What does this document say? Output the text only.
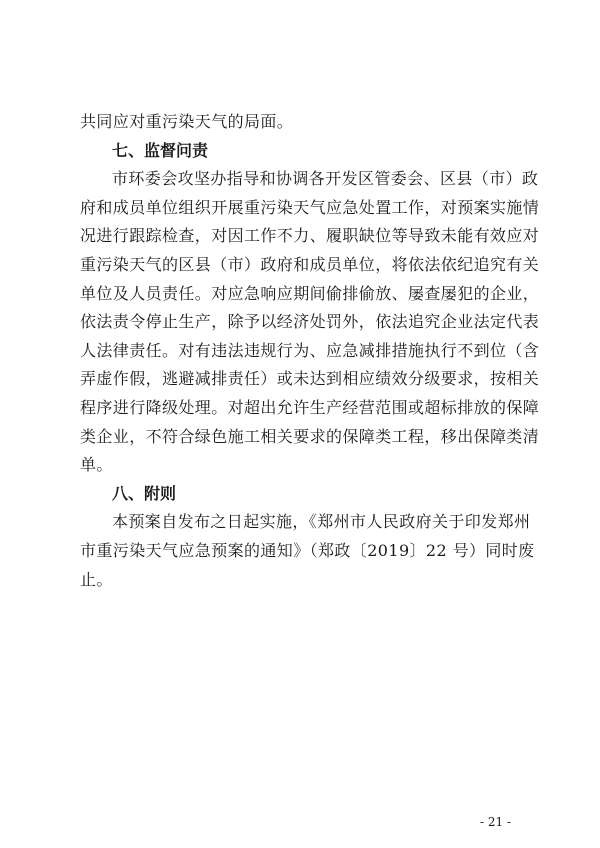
共同应对重污染天气的局面。
七、监督问责
市环委会攻坚办指导和协调各开发区管委会、区县（市）政
府和成员单位组织开展重污染天气应急处置工作，对预案实施情
况进行跟踪检查，对因工作不力、履职缺位等导致未能有效应对
重污染天气的区县（市）政府和成员单位，将依法依纪追究有关
单位及人员责任。对应急响应期间偷排偷放、屡查屡犯的企业，
依法责令停止生产，除予以经济处罚外，依法追究企业法定代表
人法律责任。对有违法违规行为、应急减排措施执行不到位（含
弄虚作假，逃避减排责任）或未达到相应绩效分级要求，按相关
程序进行降级处理。对超出允许生产经营范围或超标排放的保障
类企业，不符合绿色施工相关要求的保障类工程，移出保障类清
单。
八、附则
本预案自发布之日起实施，《郑州市人民政府关于印发郑州
市重污染天气应急预案的通知》（郑政〔2019〕22 号）同时废
止。
- 21 -
